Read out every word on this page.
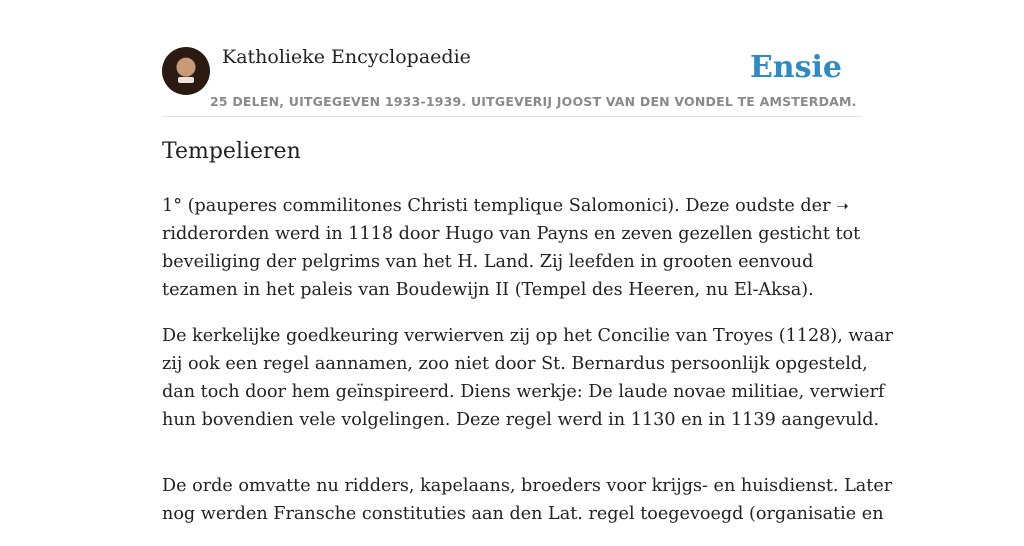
Katholieke Encyclopaedie	Ensie
25 DELEN, UITGEGEVEN 1933-1939. UITGEVERIJ JOOST VAN DEN VONDEL TE AMSTERDAM.
Tempelieren

1° (pauperes commilitones Christi templique Salomonici). Deze oudste der ➝
ridderorden werd in 1118 door Hugo van Payns en zeven gezellen gesticht tot
beveiliging der pelgrims van het H. Land. Zij leefden in grooten eenvoud
tezamen in het paleis van Boudewijn II (Tempel des Heeren, nu El-Aksa).

De kerkelijke goedkeuring verwierven zij op het Concilie van Troyes (1128), waar
zij ook een regel aannamen, zoo niet door St. Bernardus persoonlijk opgesteld,
dan toch door hem geïnspireerd. Diens werkje: De laude novae militiae, verwierf
hun bovendien vele volgelingen. Deze regel werd in 1130 en in 1139 aangevuld.

De orde omvatte nu ridders, kapelaans, broeders voor krijgs- en huisdienst. Later
nog werden Fransche constituties aan den Lat. regel toegevoegd (organisatie en
